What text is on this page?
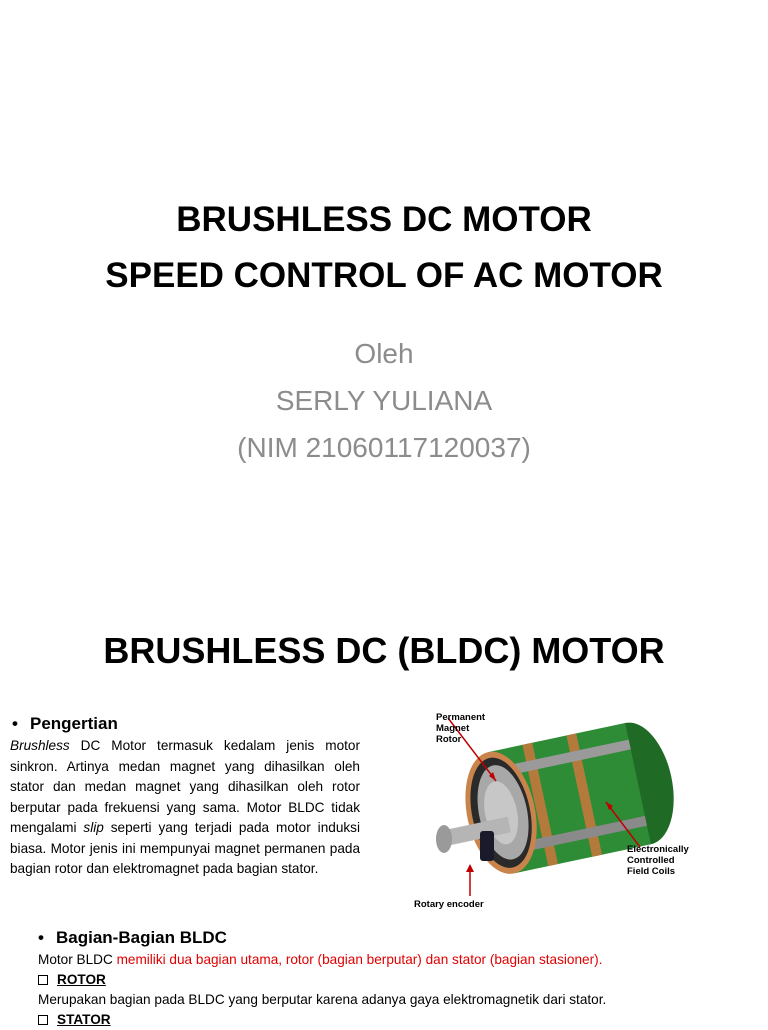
BRUSHLESS DC MOTOR
SPEED CONTROL OF AC MOTOR
Oleh
SERLY YULIANA
(NIM 21060117120037)
BRUSHLESS DC (BLDC) MOTOR
• Pengertian
Brushless DC Motor termasuk kedalam jenis motor sinkron. Artinya medan magnet yang dihasilkan oleh stator dan medan magnet yang dihasilkan oleh rotor berputar pada frekuensi yang sama. Motor BLDC tidak mengalami slip seperti yang terjadi pada motor induksi biasa. Motor jenis ini mempunyai magnet permanen pada bagian rotor dan elektromagnet pada bagian stator.
Permanent
Magnet
Rotor
Electronically
Controlled
Field Coils
Rotary encoder
• Bagian-Bagian BLDC
Motor BLDC memiliki dua bagian utama, rotor (bagian berputar) dan stator (bagian stasioner).
ROTOR
Merupakan bagian pada BLDC yang berputar karena adanya gaya elektromagnetik dari stator.
STATOR
